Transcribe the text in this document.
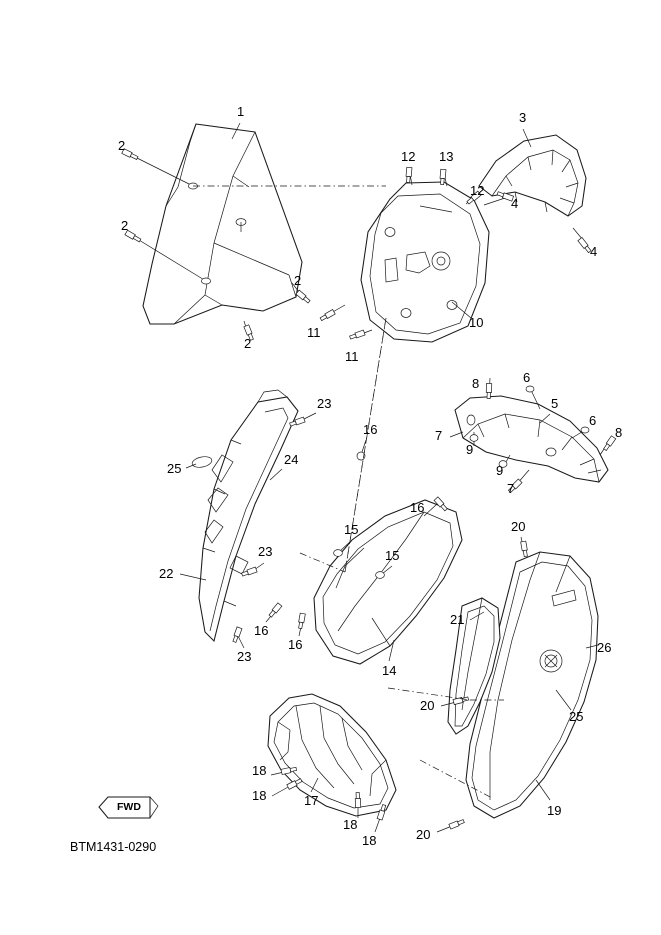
1
2
2
2
2
3
4
4
5
6
6
7
7
8
8
9
9
10
11
11
12
12
13
14
15
15
16
16
16
16
17
18
18
18
18
19
20
20
20
21
22
23
23
23
24
25
25
26
FWD
BTM1431-0290
